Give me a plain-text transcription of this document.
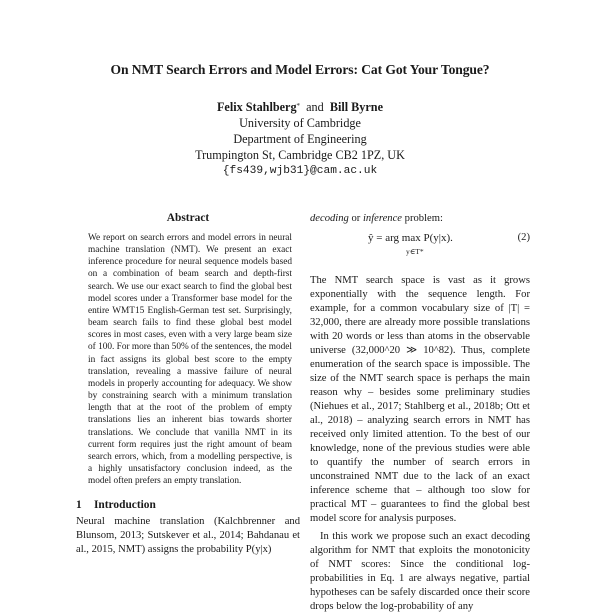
On NMT Search Errors and Model Errors: Cat Got Your Tongue?
Felix Stahlberg* and Bill Byrne
University of Cambridge
Department of Engineering
Trumpington St, Cambridge CB2 1PZ, UK
{fs439,wjb31}@cam.ac.uk
Abstract

We report on search errors and model errors in neural machine translation (NMT). We present an exact inference procedure for neural sequence models based on a combination of beam search and depth-first search. We use our exact search to find the global best model scores under a Transformer base model for the entire WMT15 English-German test set. Surprisingly, beam search fails to find these global best model scores in most cases, even with a very large beam size of 100. For more than 50% of the sentences, the model in fact assigns its global best score to the empty translation, revealing a massive failure of neural models in properly accounting for adequacy. We show by constraining search with a minimum translation length that at the root of the problem of empty translations lies an inherent bias towards shorter translations. We conclude that vanilla NMT in its current form requires just the right amount of beam search errors, which, from a modelling perspective, is a highly unsatisfactory conclusion indeed, as the model often prefers an empty translation.

1 Introduction

Neural machine translation (Kalchbrenner and Blunsom, 2013; Sutskever et al., 2014; Bahdanau et al., 2015, NMT) assigns the probability P(y|x)

decoding or inference problem:

ŷ = arg max P(y|x).
y∈T*
(2)

The NMT search space is vast as it grows exponentially with the sequence length. For example, for a common vocabulary size of |T| = 32,000, there are already more possible translations with 20 words or less than atoms in the observable universe (32,000^20 ≫ 10^82). Thus, complete enumeration of the search space is impossible. The size of the NMT search space is perhaps the main reason why – besides some preliminary studies (Niehues et al., 2017; Stahlberg et al., 2018b; Ott et al., 2018) – analyzing search errors in NMT has received only limited attention. To the best of our knowledge, none of the previous studies were able to quantify the number of search errors in unconstrained NMT due to the lack of an exact inference scheme that – although too slow for practical MT – guarantees to find the global best model score for analysis purposes.

In this work we propose such an exact decoding algorithm for NMT that exploits the monotonicity of NMT scores: Since the conditional log-probabilities in Eq. 1 are always negative, partial hypotheses can be safely discarded once their score drops below the log-probability of any
